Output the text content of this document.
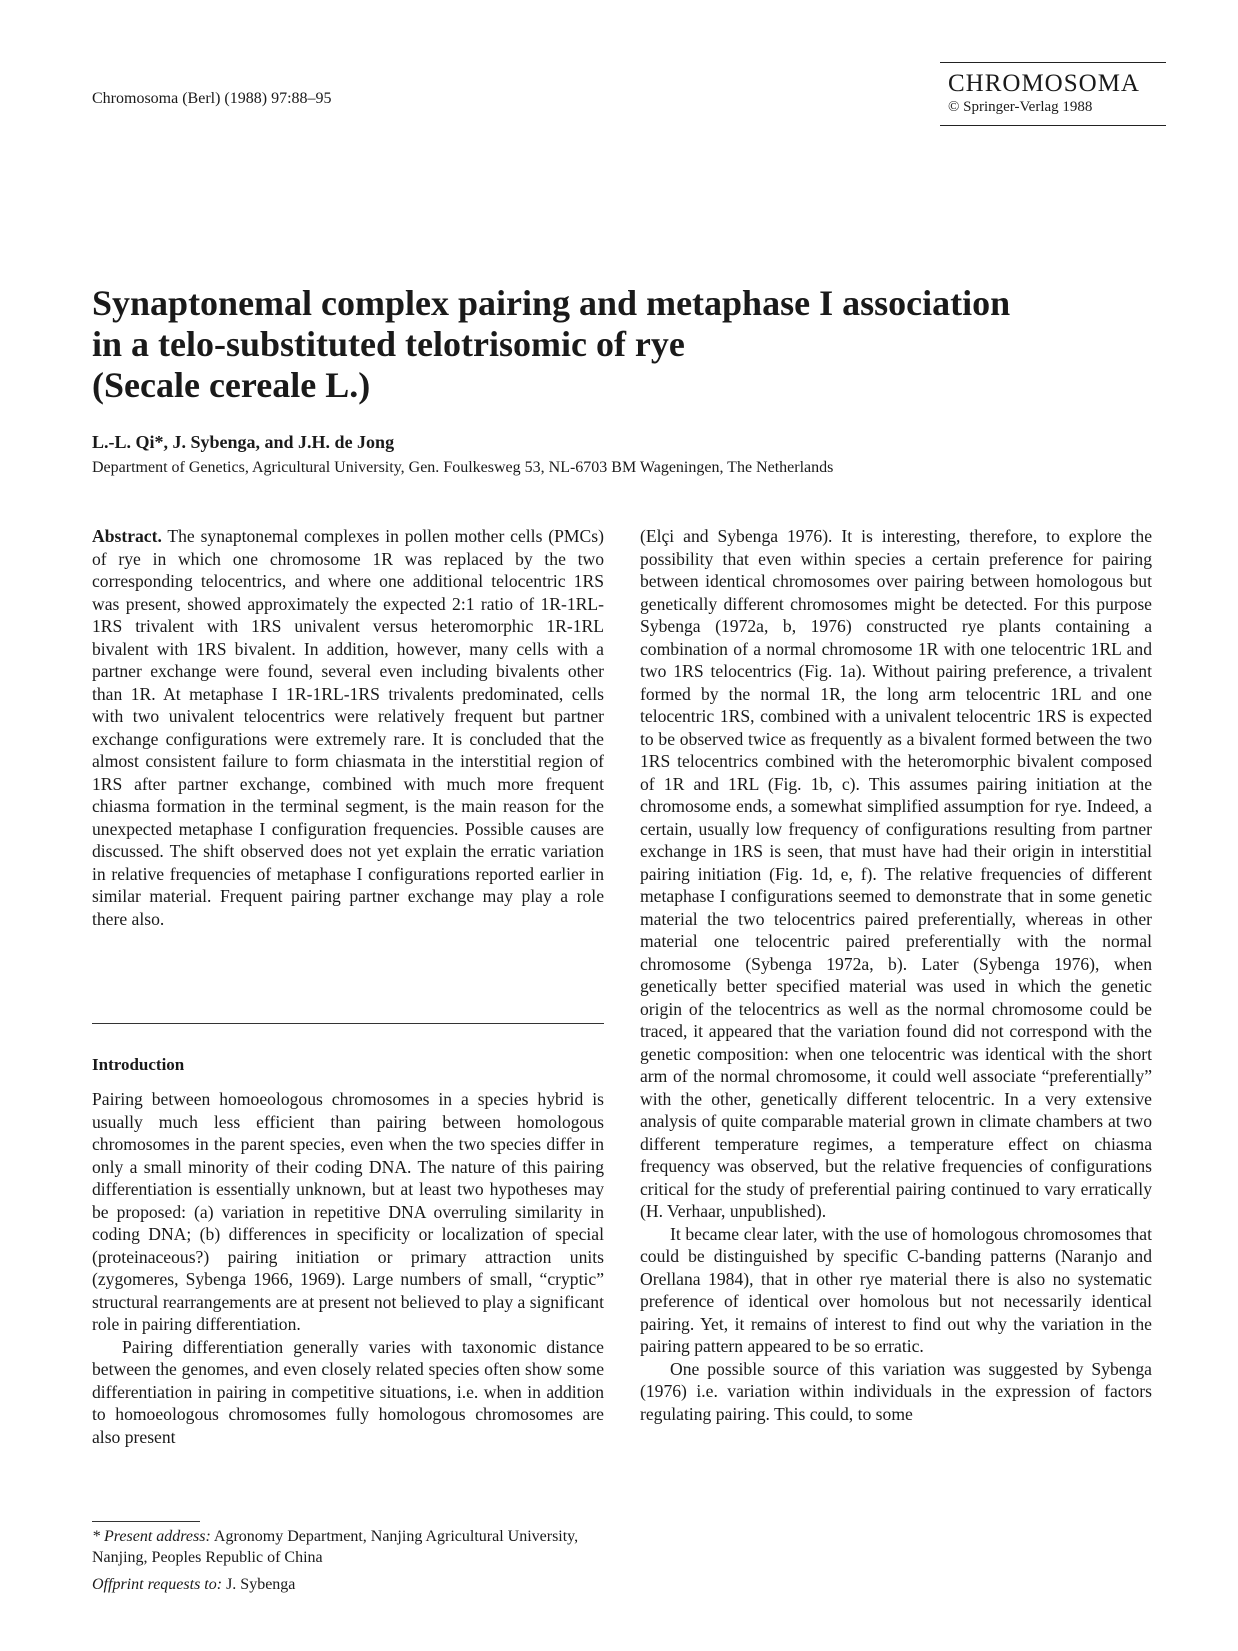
Chromosoma (Berl) (1988) 97:88–95
CHROMOSOMA
© Springer-Verlag 1988
Synaptonemal complex pairing and metaphase I association
in a telo-substituted telotrisomic of rye
(Secale cereale L.)
L.-L. Qi*, J. Sybenga, and J.H. de Jong
Department of Genetics, Agricultural University, Gen. Foulkesweg 53, NL-6703 BM Wageningen, The Netherlands

Abstract. The synaptonemal complexes in pollen mother cells (PMCs) of rye in which one chromosome 1R was replaced by the two corresponding telocentrics, and where one additional telocentric 1RS was present, showed approximately the expected 2:1 ratio of 1R-1RL-1RS trivalent with 1RS univalent versus heteromorphic 1R-1RL bivalent with 1RS bivalent. In addition, however, many cells with a partner exchange were found, several even including bivalents other than 1R. At metaphase I 1R-1RL-1RS trivalents predominated, cells with two univalent telocentrics were relatively frequent but partner exchange configurations were extremely rare. It is concluded that the almost consistent failure to form chiasmata in the interstitial region of 1RS after partner exchange, combined with much more frequent chiasma formation in the terminal segment, is the main reason for the unexpected metaphase I configuration frequencies. Possible causes are discussed. The shift observed does not yet explain the erratic variation in relative frequencies of metaphase I configurations reported earlier in similar material. Frequent pairing partner exchange may play a role there also.

Introduction

Pairing between homoeologous chromosomes in a species hybrid is usually much less efficient than pairing between homologous chromosomes in the parent species, even when the two species differ in only a small minority of their coding DNA. The nature of this pairing differentiation is essentially unknown, but at least two hypotheses may be proposed: (a) variation in repetitive DNA overruling similarity in coding DNA; (b) differences in specificity or localization of special (proteinaceous?) pairing initiation or primary attraction units (zygomeres, Sybenga 1966, 1969). Large numbers of small, “cryptic” structural rearrangements are at present not believed to play a significant role in pairing differentiation.

Pairing differentiation generally varies with taxonomic distance between the genomes, and even closely related species often show some differentiation in pairing in competitive situations, i.e. when in addition to homoeologous chromosomes fully homologous chromosomes are also present

* Present address: Agronomy Department, Nanjing Agricultural University, Nanjing, Peoples Republic of China

Offprint requests to: J. Sybenga

(Elçi and Sybenga 1976). It is interesting, therefore, to explore the possibility that even within species a certain preference for pairing between identical chromosomes over pairing between homologous but genetically different chromosomes might be detected. For this purpose Sybenga (1972a, b, 1976) constructed rye plants containing a combination of a normal chromosome 1R with one telocentric 1RL and two 1RS telocentrics (Fig. 1a). Without pairing preference, a trivalent formed by the normal 1R, the long arm telocentric 1RL and one telocentric 1RS, combined with a univalent telocentric 1RS is expected to be observed twice as frequently as a bivalent formed between the two 1RS telocentrics combined with the heteromorphic bivalent composed of 1R and 1RL (Fig. 1b, c). This assumes pairing initiation at the chromosome ends, a somewhat simplified assumption for rye. Indeed, a certain, usually low frequency of configurations resulting from partner exchange in 1RS is seen, that must have had their origin in interstitial pairing initiation (Fig. 1d, e, f). The relative frequencies of different metaphase I configurations seemed to demonstrate that in some genetic material the two telocentrics paired preferentially, whereas in other material one telocentric paired preferentially with the normal chromosome (Sybenga 1972a, b). Later (Sybenga 1976), when genetically better specified material was used in which the genetic origin of the telocentrics as well as the normal chromosome could be traced, it appeared that the variation found did not correspond with the genetic composition: when one telocentric was identical with the short arm of the normal chromosome, it could well associate “preferentially” with the other, genetically different telocentric. In a very extensive analysis of quite comparable material grown in climate chambers at two different temperature regimes, a temperature effect on chiasma frequency was observed, but the relative frequencies of configurations critical for the study of preferential pairing continued to vary erratically (H. Verhaar, unpublished).

It became clear later, with the use of homologous chromosomes that could be distinguished by specific C-banding patterns (Naranjo and Orellana 1984), that in other rye material there is also no systematic preference of identical over homolous but not necessarily identical pairing. Yet, it remains of interest to find out why the variation in the pairing pattern appeared to be so erratic.

One possible source of this variation was suggested by Sybenga (1976) i.e. variation within individuals in the expression of factors regulating pairing. This could, to some
